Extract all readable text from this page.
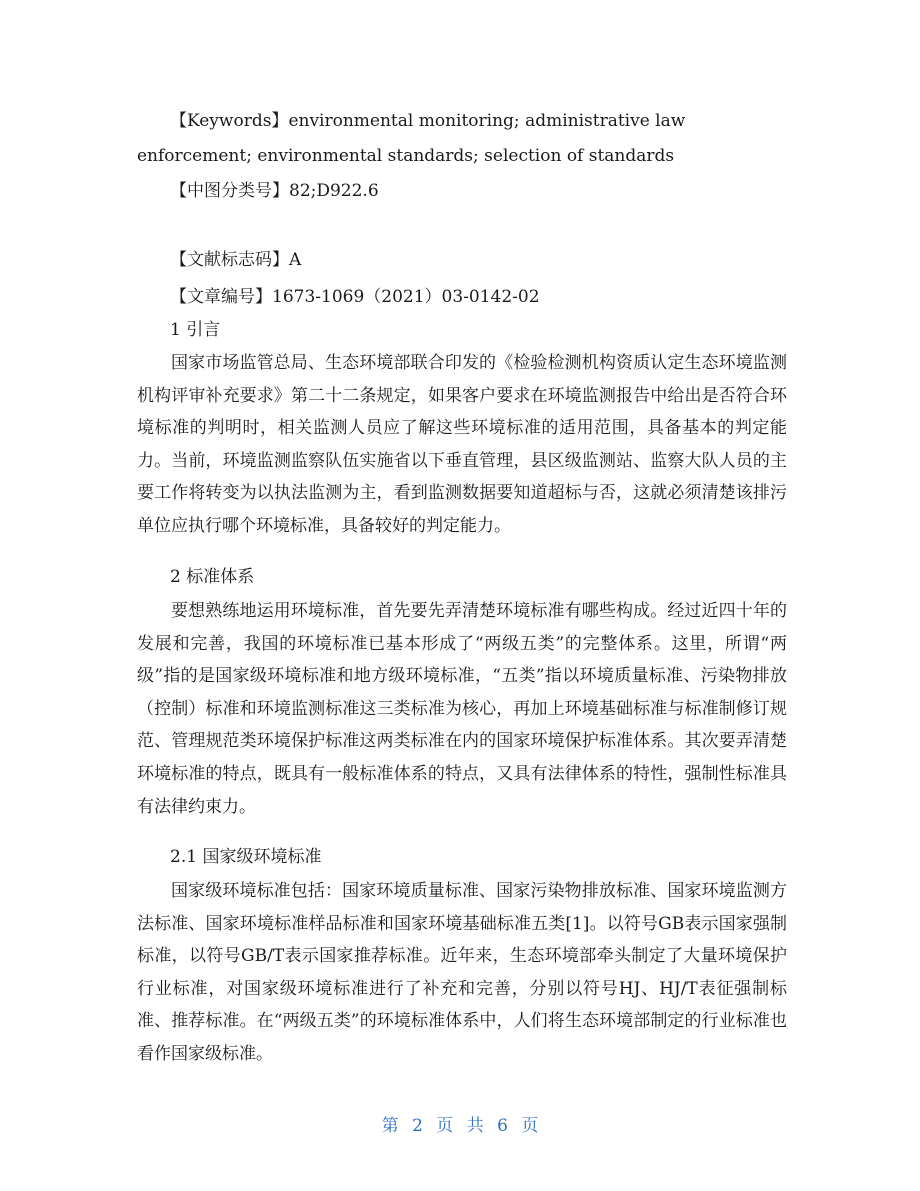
【Keywords】environmental monitoring; administrative law
enforcement; environmental standards; selection of standards
【中图分类号】82;D922.6
【文献标志码】A
【文章编号】1673-1069（2021）03-0142-02
1 引言

国家市场监管总局、生态环境部联合印发的《检验检测机构资质认定生态环境监测机构评审补充要求》第二十二条规定，如果客户要求在环境监测报告中给出是否符合环境标准的判明时，相关监测人员应了解这些环境标准的适用范围，具备基本的判定能力。当前，环境监测监察队伍实施省以下垂直管理，县区级监测站、监察大队人员的主要工作将转变为以执法监测为主，看到监测数据要知道超标与否，这就必须清楚该排污单位应执行哪个环境标准，具备较好的判定能力。

2 标准体系

要想熟练地运用环境标准，首先要先弄清楚环境标准有哪些构成。经过近四十年的发展和完善，我国的环境标准已基本形成了“两级五类”的完整体系。这里，所谓“两级”指的是国家级环境标准和地方级环境标准，“五类”指以环境质量标准、污染物排放（控制）标准和环境监测标准这三类标准为核心，再加上环境基础标准与标准制修订规范、管理规范类环境保护标准这两类标准在内的国家环境保护标准体系。其次要弄清楚环境标准的特点，既具有一般标准体系的特点，又具有法律体系的特性，强制性标准具有法律约束力。

2.1 国家级环境标准

国家级环境标准包括：国家环境质量标准、国家污染物排放标准、国家环境监测方法标准、国家环境标准样品标准和国家环境基础标准五类[1]。以符号GB表示国家强制标准，以符号GB/T表示国家推荐标准。近年来，生态环境部牵头制定了大量环境保护行业标准，对国家级环境标准进行了补充和完善，分别以符号HJ、HJ/T表征强制标准、推荐标准。在“两级五类”的环境标准体系中，人们将生态环境部制定的行业标准也看作国家级标准。

第 2 页 共 6 页
